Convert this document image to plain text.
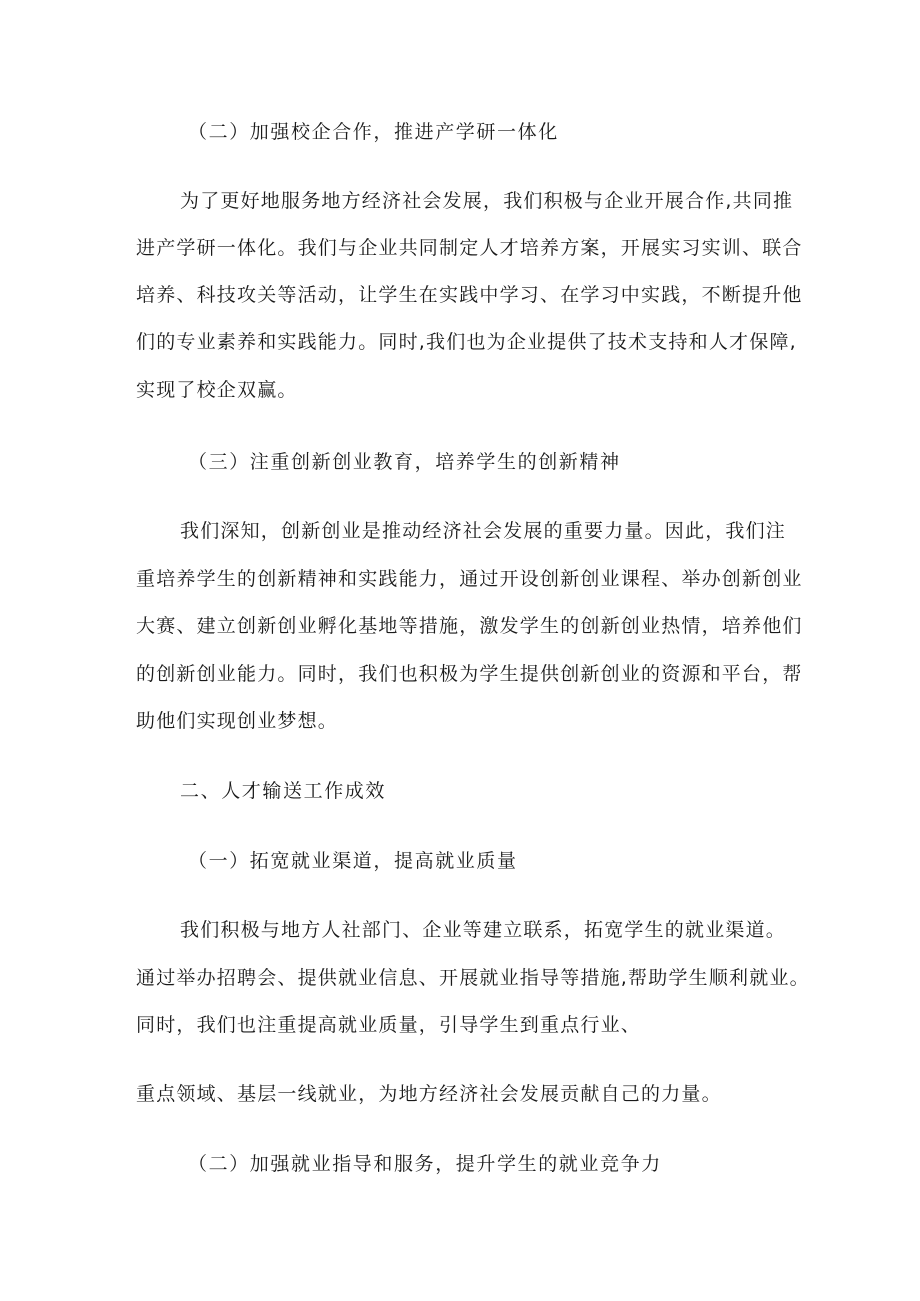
（二）加强校企合作，推进产学研一体化
为了更好地服务地方经济社会发展，我们积极与企业开展合作,共同推
进产学研一体化。我们与企业共同制定人才培养方案，开展实习实训、联合
培养、科技攻关等活动，让学生在实践中学习、在学习中实践，不断提升他
们的专业素养和实践能力。同时,我们也为企业提供了技术支持和人才保障,
实现了校企双赢。
（三）注重创新创业教育，培养学生的创新精神
我们深知，创新创业是推动经济社会发展的重要力量。因此，我们注
重培养学生的创新精神和实践能力，通过开设创新创业课程、举办创新创业
大赛、建立创新创业孵化基地等措施，激发学生的创新创业热情，培养他们
的创新创业能力。同时，我们也积极为学生提供创新创业的资源和平台，帮
助他们实现创业梦想。
二、人才输送工作成效
（一）拓宽就业渠道，提高就业质量
我们积极与地方人社部门、企业等建立联系，拓宽学生的就业渠道。
通过举办招聘会、提供就业信息、开展就业指导等措施,帮助学生顺利就业。
同时，我们也注重提高就业质量，引导学生到重点行业、
重点领域、基层一线就业，为地方经济社会发展贡献自己的力量。
（二）加强就业指导和服务，提升学生的就业竞争力
